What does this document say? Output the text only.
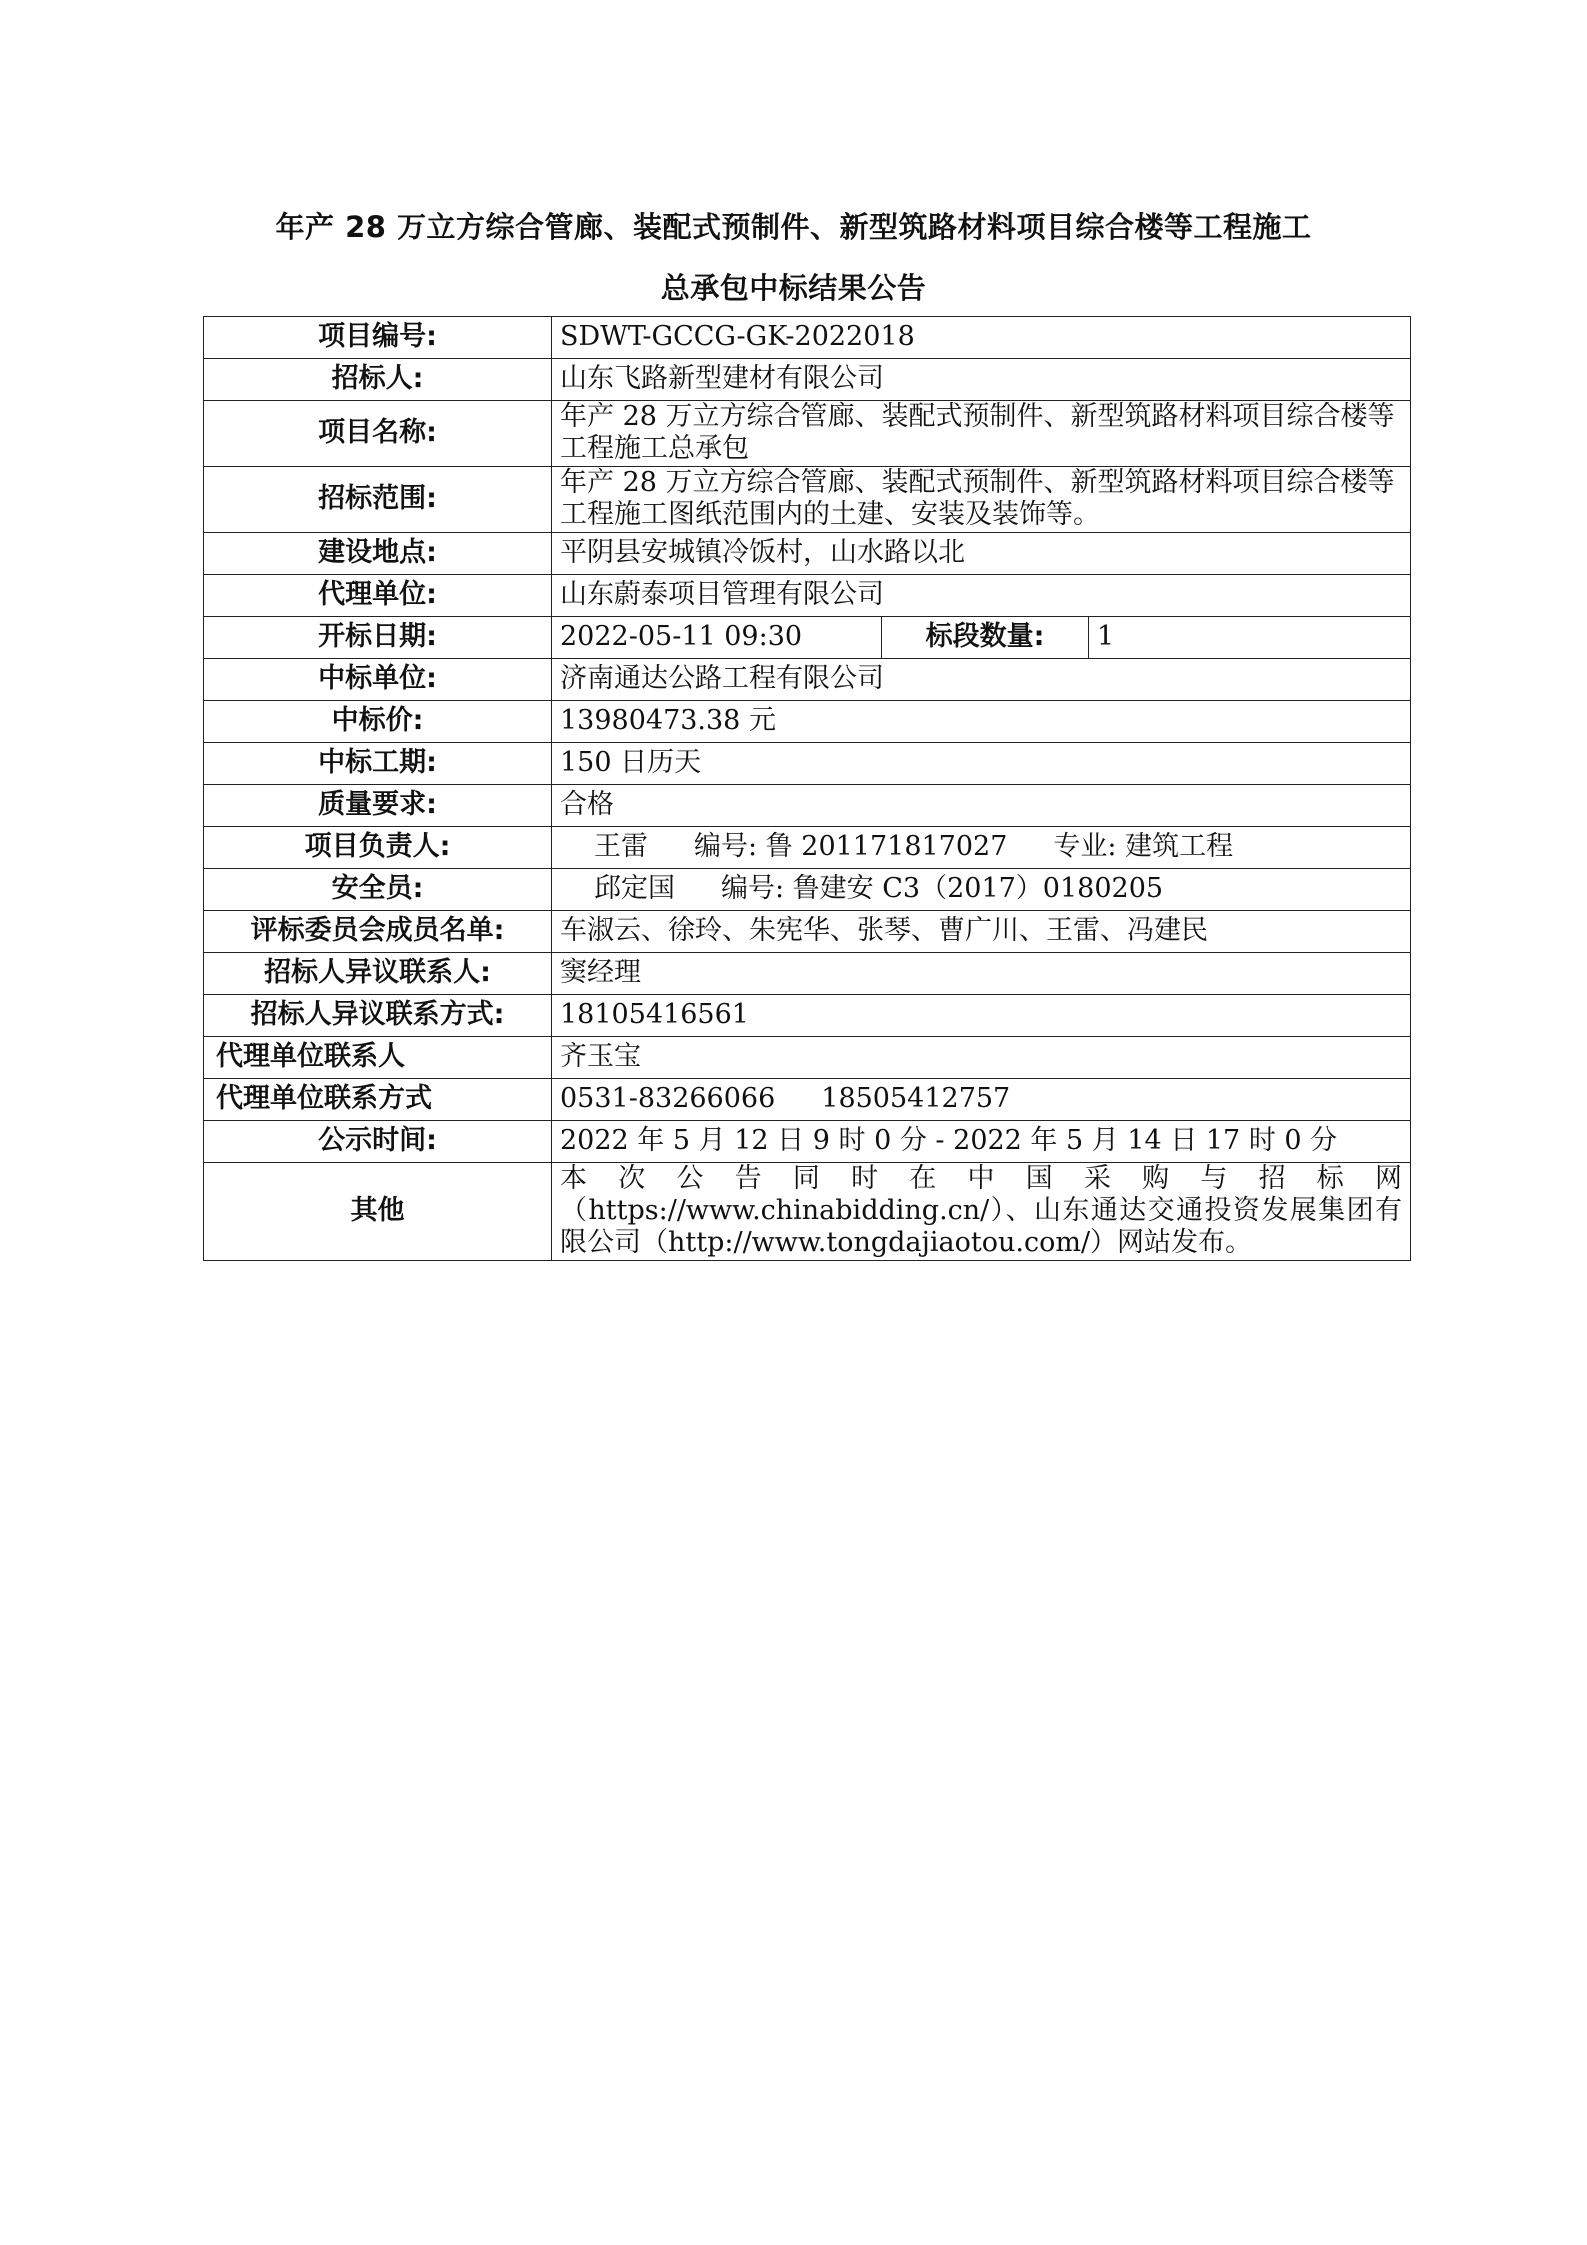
年产 28 万立方综合管廊、装配式预制件、新型筑路材料项目综合楼等工程施工
总承包中标结果公告
项目编号:	SDWT-GCCG-GK-2022018		
招标人:	山东飞路新型建材有限公司		
项目名称:	年产 28 万立方综合管廊、装配式预制件、新型筑路材料项目综合楼等工程施工总承包		
招标范围:	年产 28 万立方综合管廊、装配式预制件、新型筑路材料项目综合楼等工程施工图纸范围内的土建、安装及装饰等。		
建设地点:	平阴县安城镇冷饭村，山水路以北		
代理单位:	山东蔚泰项目管理有限公司		
开标日期:	2022-05-11 09:30	标段数量:	1
中标单位:	济南通达公路工程有限公司		
中标价:	13980473.38 元		
中标工期:	150 日历天		
质量要求:	合格		
项目负责人:	王雷 编号: 鲁 201171817027 专业: 建筑工程		
安全员:	邱定国 编号: 鲁建安 C3（2017）0180205		
评标委员会成员名单:	车淑云、徐玲、朱宪华、张琴、曹广川、王雷、冯建民		
招标人异议联系人:	窦经理		
招标人异议联系方式:	18105416561		
代理单位联系人	齐玉宝		
代理单位联系方式	0531-83266066 18505412757		
公示时间:	2022 年 5 月 12 日 9 时 0 分 - 2022 年 5 月 14 日 17 时 0 分		
其他	本 次 公 告 同 时 在 中 国 采 购 与 招 标 网（https://www.chinabidding.cn/）、山东通达交通投资发展集团有限公司（http://www.tongdajiaotou.com/）网站发布。		
